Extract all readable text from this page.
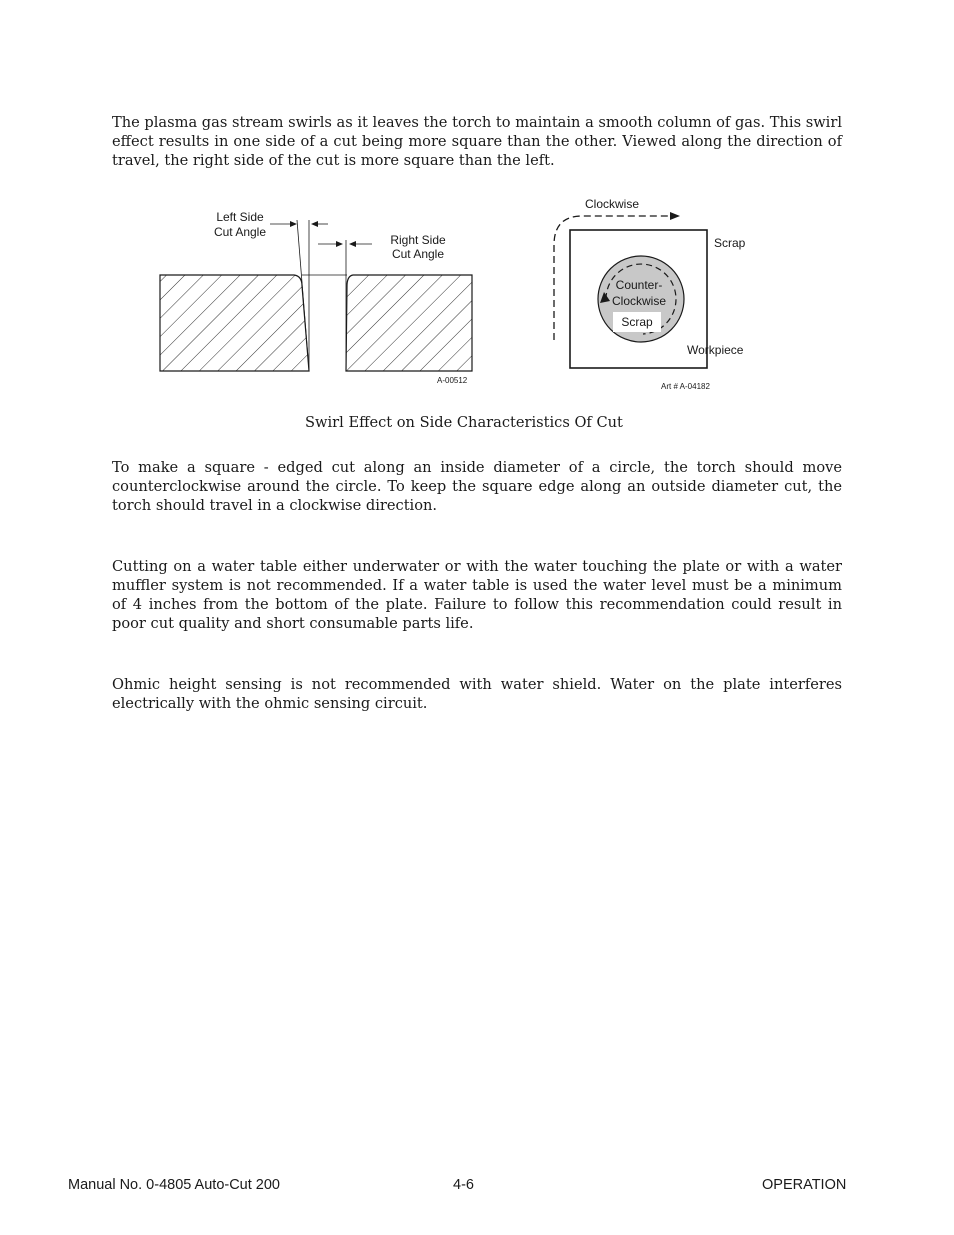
The plasma gas stream swirls as it leaves the torch to maintain a smooth column of gas. This swirl effect results in one side of a cut being more square than the other. Viewed along the direction of travel, the right side of the cut is more square than the left.

Left Side
Cut Angle
Right Side
Cut Angle
A-00512
Clockwise
Scrap
Counter-
Clockwise
Scrap
Workpiece
Art # A-04182

Swirl Effect on Side Characteristics Of Cut

To make a square - edged cut along an inside diameter of a circle, the torch should move counterclockwise around the circle. To keep the square edge along an outside diameter cut, the torch should travel in a clockwise direction.

Cutting on a water table either underwater or with the water touching the plate or with a water muffler system is not recommended. If a water table is used the water level must be a minimum of 4 inches from the bottom of the plate. Failure to follow this recommendation could result in poor cut quality and short consumable parts life.

Ohmic height sensing is not recommended with water shield. Water on the plate interferes electrically with the ohmic sensing circuit.

Manual No. 0-4805 Auto-Cut 200	4-6	OPERATION
